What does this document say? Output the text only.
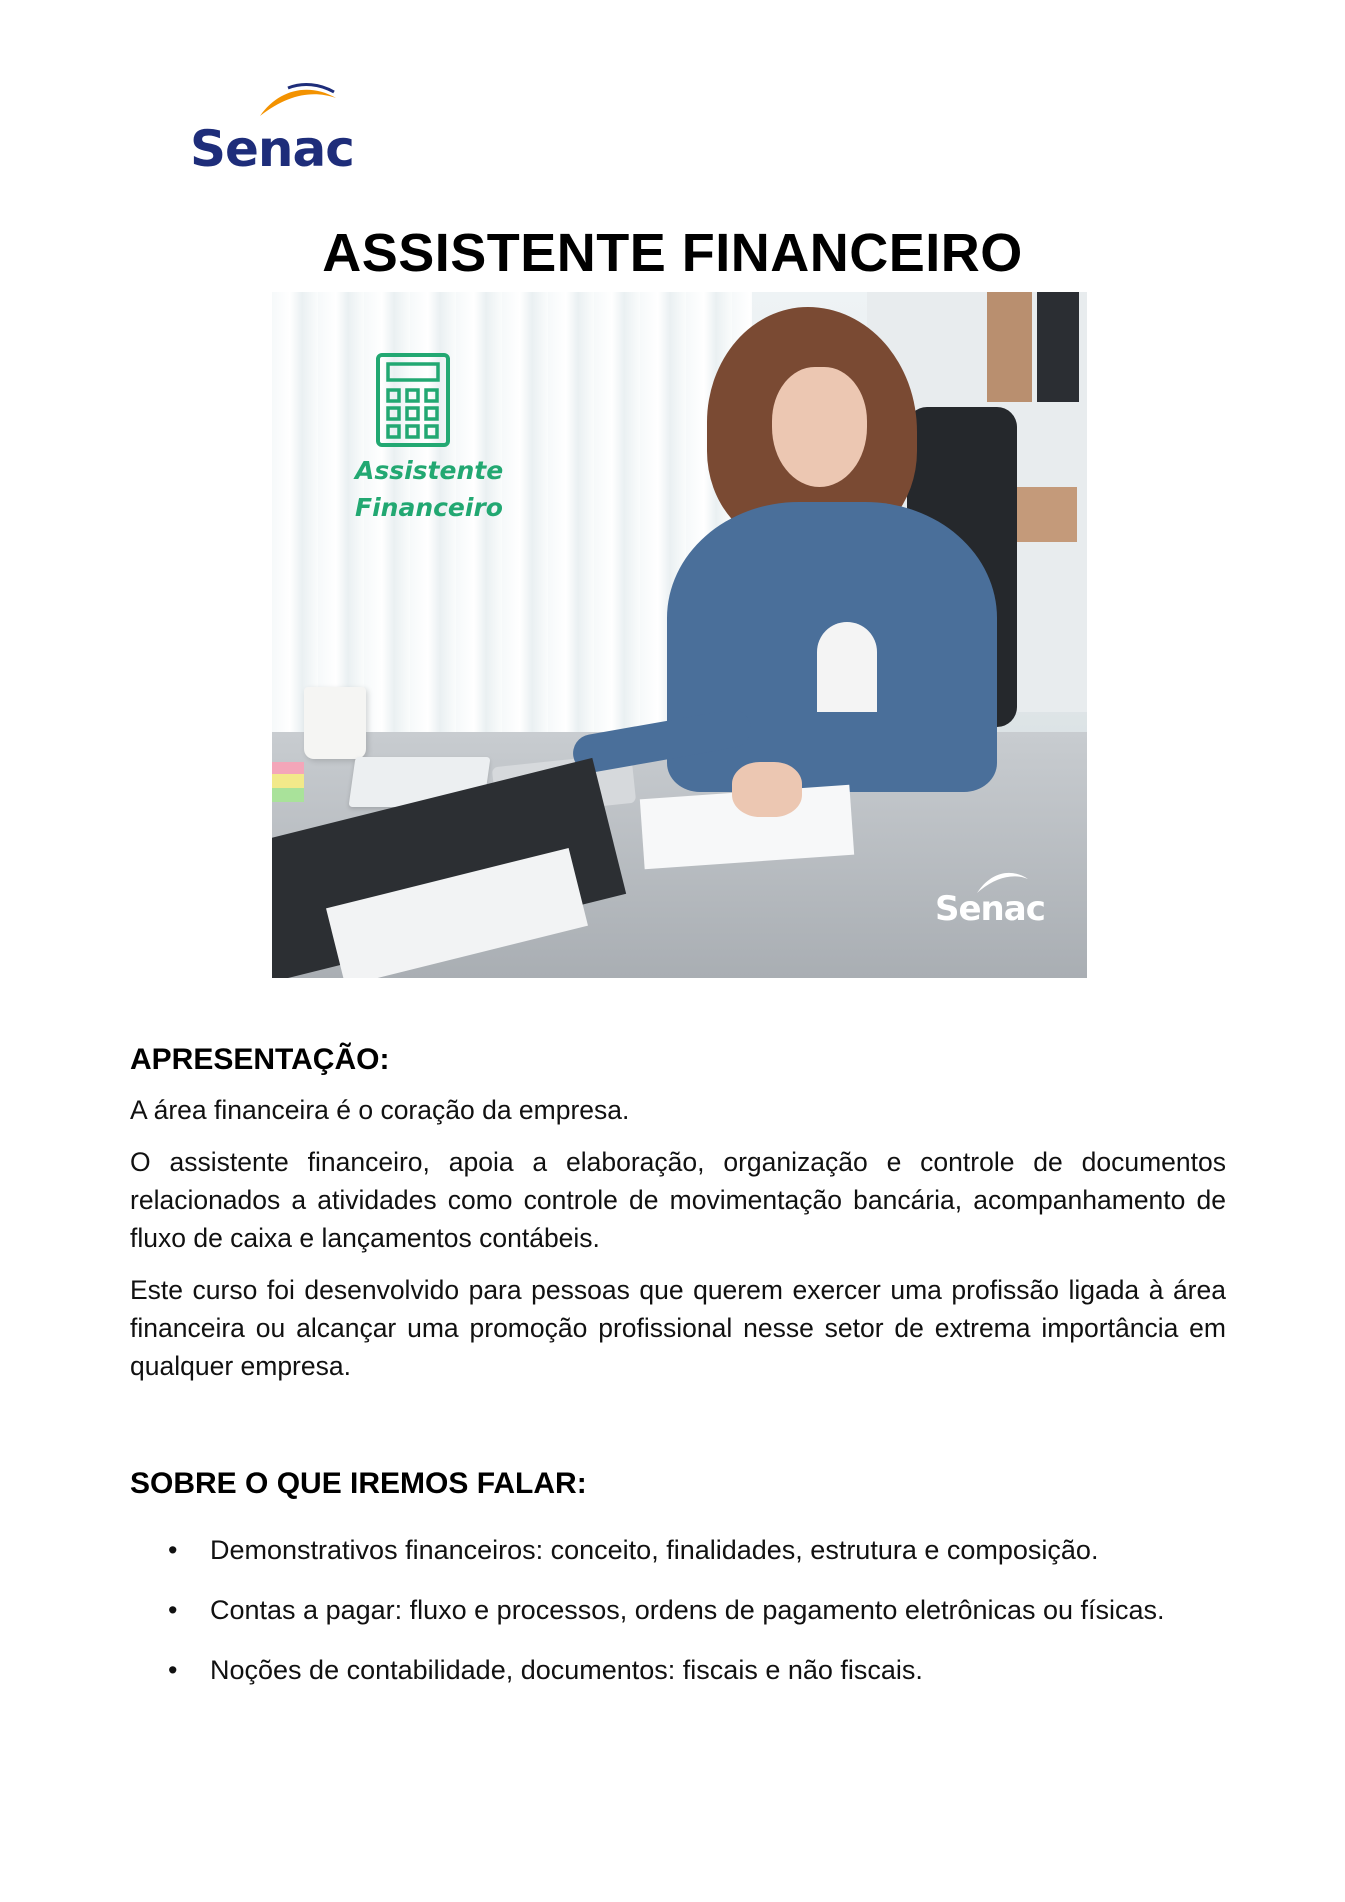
Senac
ASSISTENTE FINANCEIRO
Assistente
Financeiro
Senac
APRESENTAÇÃO:

A área financeira é o coração da empresa.

O assistente financeiro, apoia a elaboração, organização e controle de documentos relacionados a atividades como controle de movimentação bancária, acompanhamento de fluxo de caixa e lançamentos contábeis.

Este curso foi desenvolvido para pessoas que querem exercer uma profissão ligada à área financeira ou alcançar uma promoção profissional nesse setor de extrema importância em qualquer empresa.

SOBRE O QUE IREMOS FALAR:
• Demonstrativos financeiros: conceito, finalidades, estrutura e composição.
• Contas a pagar: fluxo e processos, ordens de pagamento eletrônicas ou físicas.
• Noções de contabilidade, documentos: fiscais e não fiscais.
